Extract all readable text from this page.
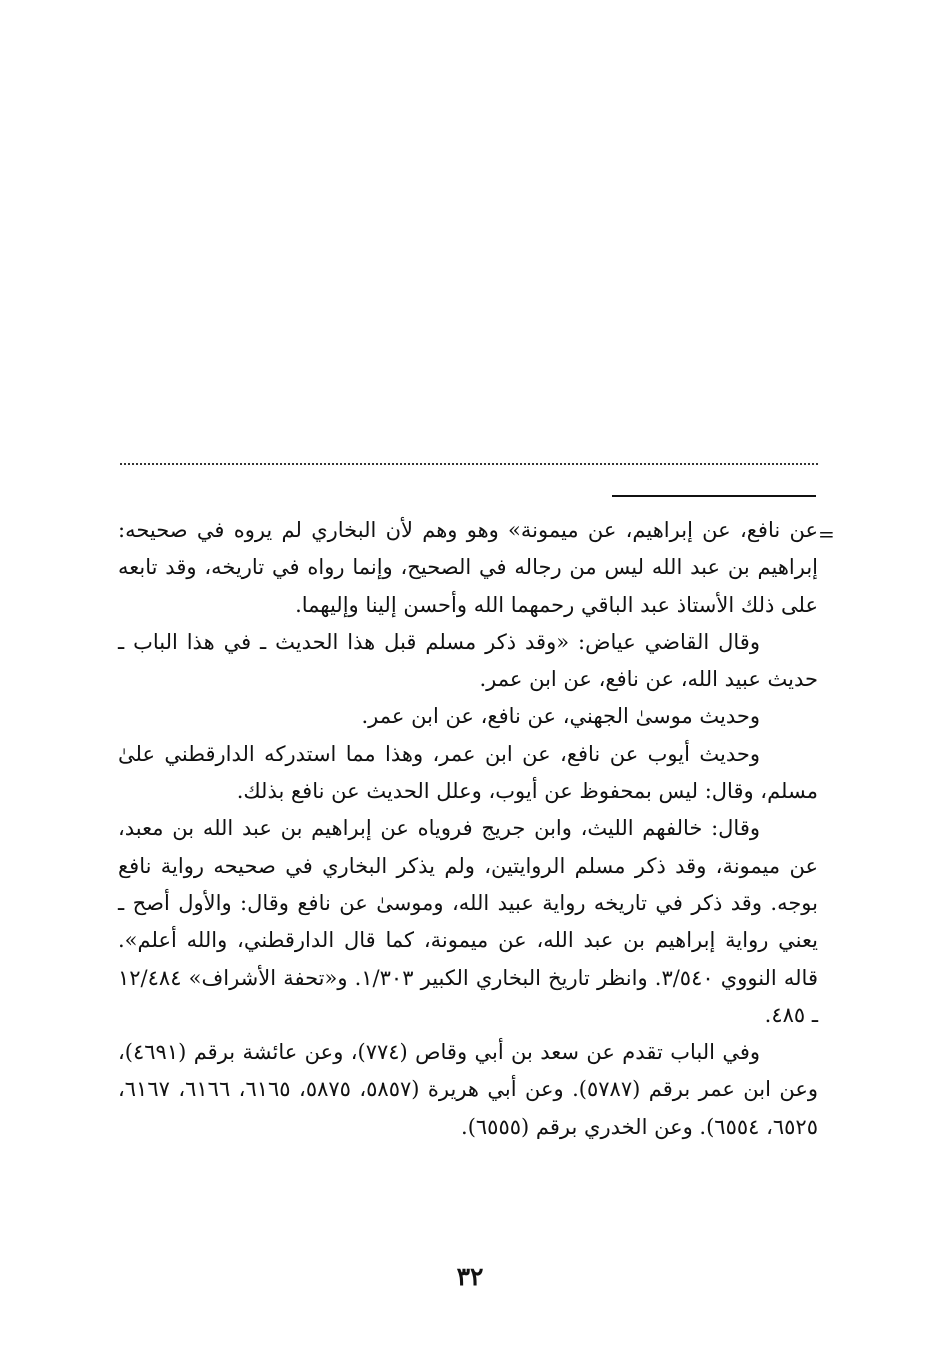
=

عن نافع، عن إبراهيم، عن ميمونة» وهو وهم لأن البخاري لم يروه في صحيحه: إبراهيم بن عبد الله ليس من رجاله في الصحيح، وإنما رواه في تاريخه، وقد تابعه على ذلك الأستاذ عبد الباقي رحمهما الله وأحسن إلينا وإليهما.

وقال القاضي عياض: «وقد ذكر مسلم قبل هذا الحديث ـ في هذا الباب ـ حديث عبيد الله، عن نافع، عن ابن عمر.

وحديث موسىٰ الجهني، عن نافع، عن ابن عمر.

وحديث أيوب عن نافع، عن ابن عمر، وهذا مما استدركه الدارقطني علىٰ مسلم، وقال: ليس بمحفوظ عن أيوب، وعلل الحديث عن نافع بذلك.

وقال: خالفهم الليث، وابن جريج فروياه عن إبراهيم بن عبد الله بن معبد، عن ميمونة، وقد ذكر مسلم الروايتين، ولم يذكر البخاري في صحيحه رواية نافع بوجه. وقد ذكر في تاريخه رواية عبيد الله، وموسىٰ عن نافع وقال: والأول أصح ـ يعني رواية إبراهيم بن عبد الله، عن ميمونة، كما قال الدارقطني، والله أعلم». قاله النووي ٣/٥٤٠. وانظر تاريخ البخاري الكبير ١/٣٠٣. و«تحفة الأشراف» ١٢/٤٨٤ ـ ٤٨٥.

وفي الباب تقدم عن سعد بن أبي وقاص (٧٧٤)، وعن عائشة برقم (٤٦٩١)، وعن ابن عمر برقم (٥٧٨٧). وعن أبي هريرة (٥٨٥٧، ٥٨٧٥، ٦١٦٥، ٦١٦٦، ٦١٦٧، ٦٥٢٥، ٦٥٥٤). وعن الخدري برقم (٦٥٥٥).

٣٢
